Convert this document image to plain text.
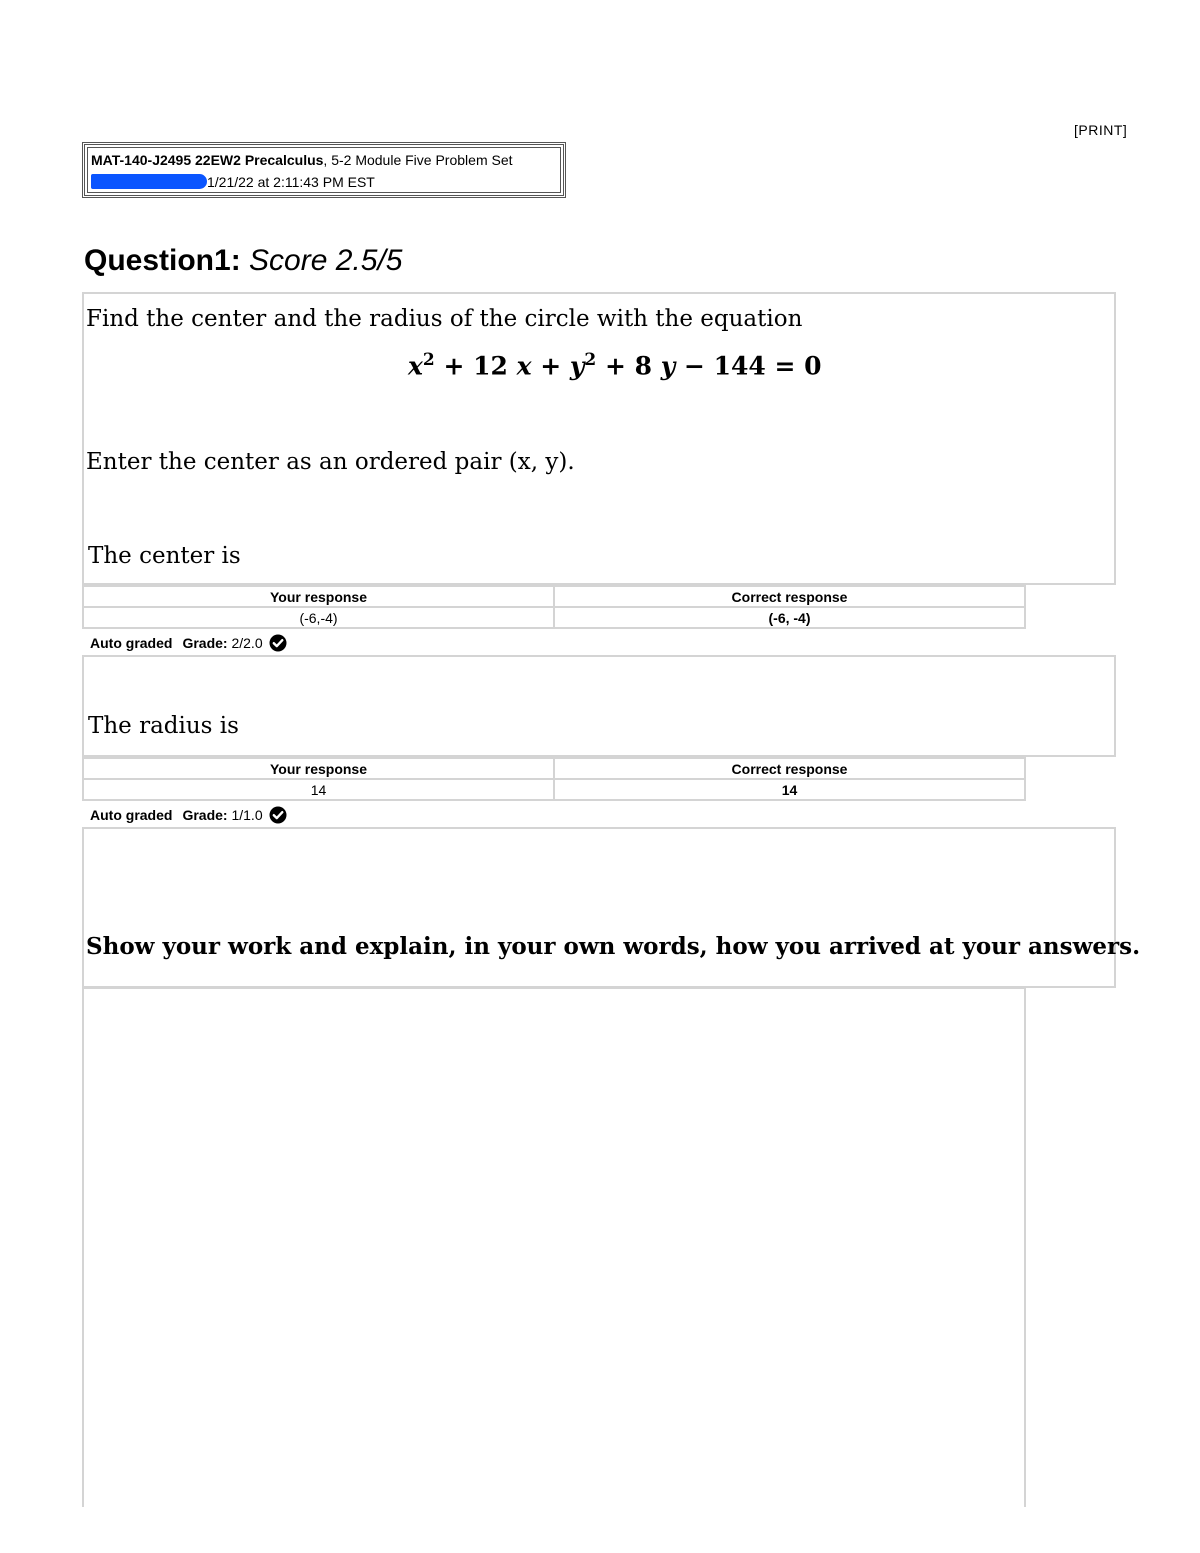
[PRINT]
MAT-140-J2495 22EW2 Precalculus, 5-2 Module Five Problem Set
1/21/22 at 2:11:43 PM EST
Question1: Score 2.5/5
Find the center and the radius of the circle with the equation
Enter the center as an ordered pair (x, y).
The center is
$x^2 + 12$ $x + y^2 + 8$ y − 144 = 0
Your response	Correct response
(-6,-4)	(-6, -4)
Auto graded Grade:
2/2.0
The radius is
Your response	Correct response
14	14
Auto graded Grade:
1/1.0
Show your work and explain, in your own words, how you arrived at your answers.
